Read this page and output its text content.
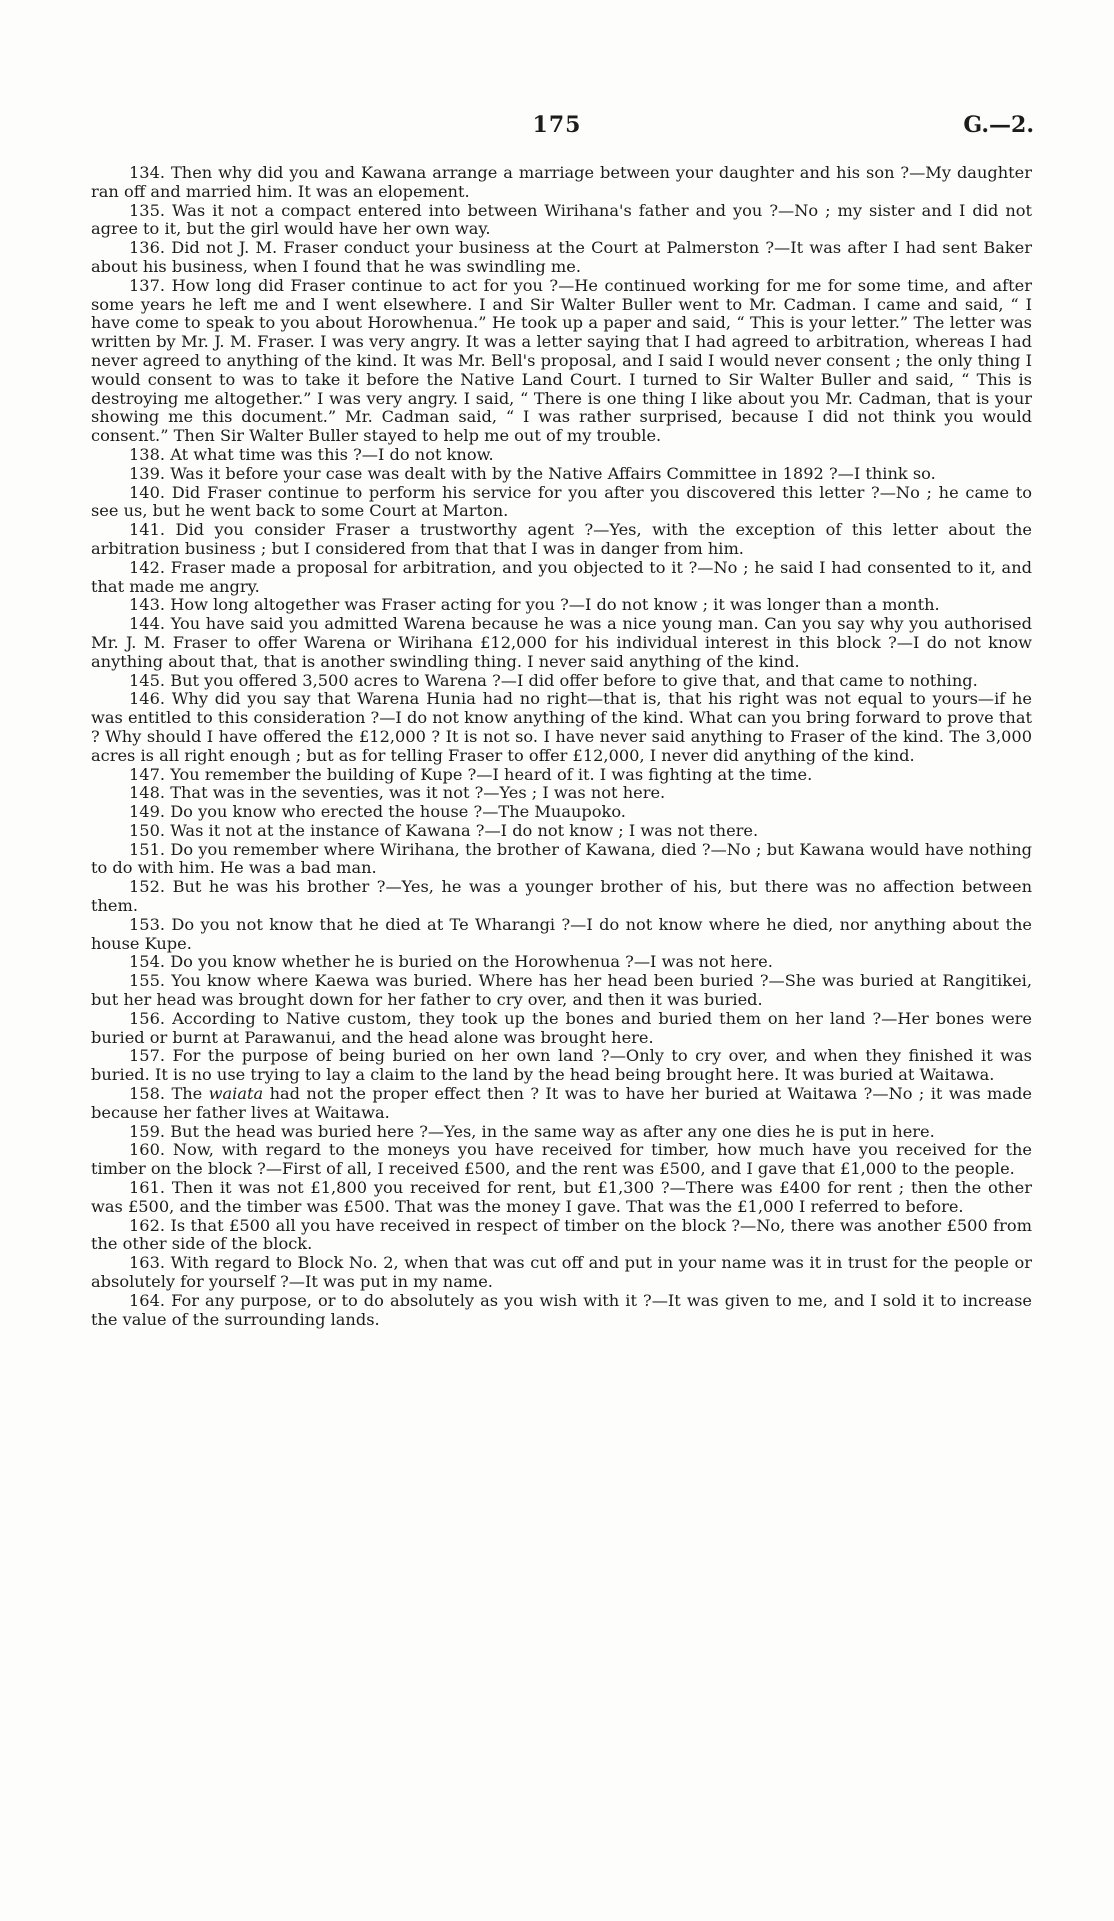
175	G.—2.

134. Then why did you and Kawana arrange a marriage between your daughter and his son ?—My daughter ran off and married him. It was an elopement.

135. Was it not a compact entered into between Wirihana's father and you ?—No ; my sister and I did not agree to it, but the girl would have her own way.

136. Did not J. M. Fraser conduct your business at the Court at Palmerston ?—It was after I had sent Baker about his business, when I found that he was swindling me.

137. How long did Fraser continue to act for you ?—He continued working for me for some time, and after some years he left me and I went elsewhere. I and Sir Walter Buller went to Mr. Cadman. I came and said, “ I have come to speak to you about Horowhenua.” He took up a paper and said, “ This is your letter.” The letter was written by Mr. J. M. Fraser. I was very angry. It was a letter saying that I had agreed to arbitration, whereas I had never agreed to anything of the kind. It was Mr. Bell's proposal, and I said I would never consent ; the only thing I would consent to was to take it before the Native Land Court. I turned to Sir Walter Buller and said, “ This is destroying me altogether.” I was very angry. I said, “ There is one thing I like about you Mr. Cadman, that is your showing me this document.” Mr. Cadman said, “ I was rather surprised, because I did not think you would consent.” Then Sir Walter Buller stayed to help me out of my trouble.

138. At what time was this ?—I do not know.

139. Was it before your case was dealt with by the Native Affairs Committee in 1892 ?—I think so.

140. Did Fraser continue to perform his service for you after you discovered this letter ?—No ; he came to see us, but he went back to some Court at Marton.

141. Did you consider Fraser a trustworthy agent ?—Yes, with the exception of this letter about the arbitration business ; but I considered from that that I was in danger from him.

142. Fraser made a proposal for arbitration, and you objected to it ?—No ; he said I had consented to it, and that made me angry.

143. How long altogether was Fraser acting for you ?—I do not know ; it was longer than a month.

144. You have said you admitted Warena because he was a nice young man. Can you say why you authorised Mr. J. M. Fraser to offer Warena or Wirihana £12,000 for his individual interest in this block ?—I do not know anything about that, that is another swindling thing. I never said anything of the kind.

145. But you offered 3,500 acres to Warena ?—I did offer before to give that, and that came to nothing.

146. Why did you say that Warena Hunia had no right—that is, that his right was not equal to yours—if he was entitled to this consideration ?—I do not know anything of the kind. What can you bring forward to prove that ? Why should I have offered the £12,000 ? It is not so. I have never said anything to Fraser of the kind. The 3,000 acres is all right enough ; but as for telling Fraser to offer £12,000, I never did anything of the kind.

147. You remember the building of Kupe ?—I heard of it. I was fighting at the time.

148. That was in the seventies, was it not ?—Yes ; I was not here.

149. Do you know who erected the house ?—The Muaupoko.

150. Was it not at the instance of Kawana ?—I do not know ; I was not there.

151. Do you remember where Wirihana, the brother of Kawana, died ?—No ; but Kawana would have nothing to do with him. He was a bad man.

152. But he was his brother ?—Yes, he was a younger brother of his, but there was no affection between them.

153. Do you not know that he died at Te Wharangi ?—I do not know where he died, nor anything about the house Kupe.

154. Do you know whether he is buried on the Horowhenua ?—I was not here.

155. You know where Kaewa was buried. Where has her head been buried ?—She was buried at Rangitikei, but her head was brought down for her father to cry over, and then it was buried.

156. According to Native custom, they took up the bones and buried them on her land ?—Her bones were buried or burnt at Parawanui, and the head alone was brought here.

157. For the purpose of being buried on her own land ?—Only to cry over, and when they finished it was buried. It is no use trying to lay a claim to the land by the head being brought here. It was buried at Waitawa.

158. The waiata had not the proper effect then ? It was to have her buried at Waitawa ?—No ; it was made because her father lives at Waitawa.

159. But the head was buried here ?—Yes, in the same way as after any one dies he is put in here.

160. Now, with regard to the moneys you have received for timber, how much have you received for the timber on the block ?—First of all, I received £500, and the rent was £500, and I gave that £1,000 to the people.

161. Then it was not £1,800 you received for rent, but £1,300 ?—There was £400 for rent ; then the other was £500, and the timber was £500. That was the money I gave. That was the £1,000 I referred to before.

162. Is that £500 all you have received in respect of timber on the block ?—No, there was another £500 from the other side of the block.

163. With regard to Block No. 2, when that was cut off and put in your name was it in trust for the people or absolutely for yourself ?—It was put in my name.

164. For any purpose, or to do absolutely as you wish with it ?—It was given to me, and I sold it to increase the value of the surrounding lands.
